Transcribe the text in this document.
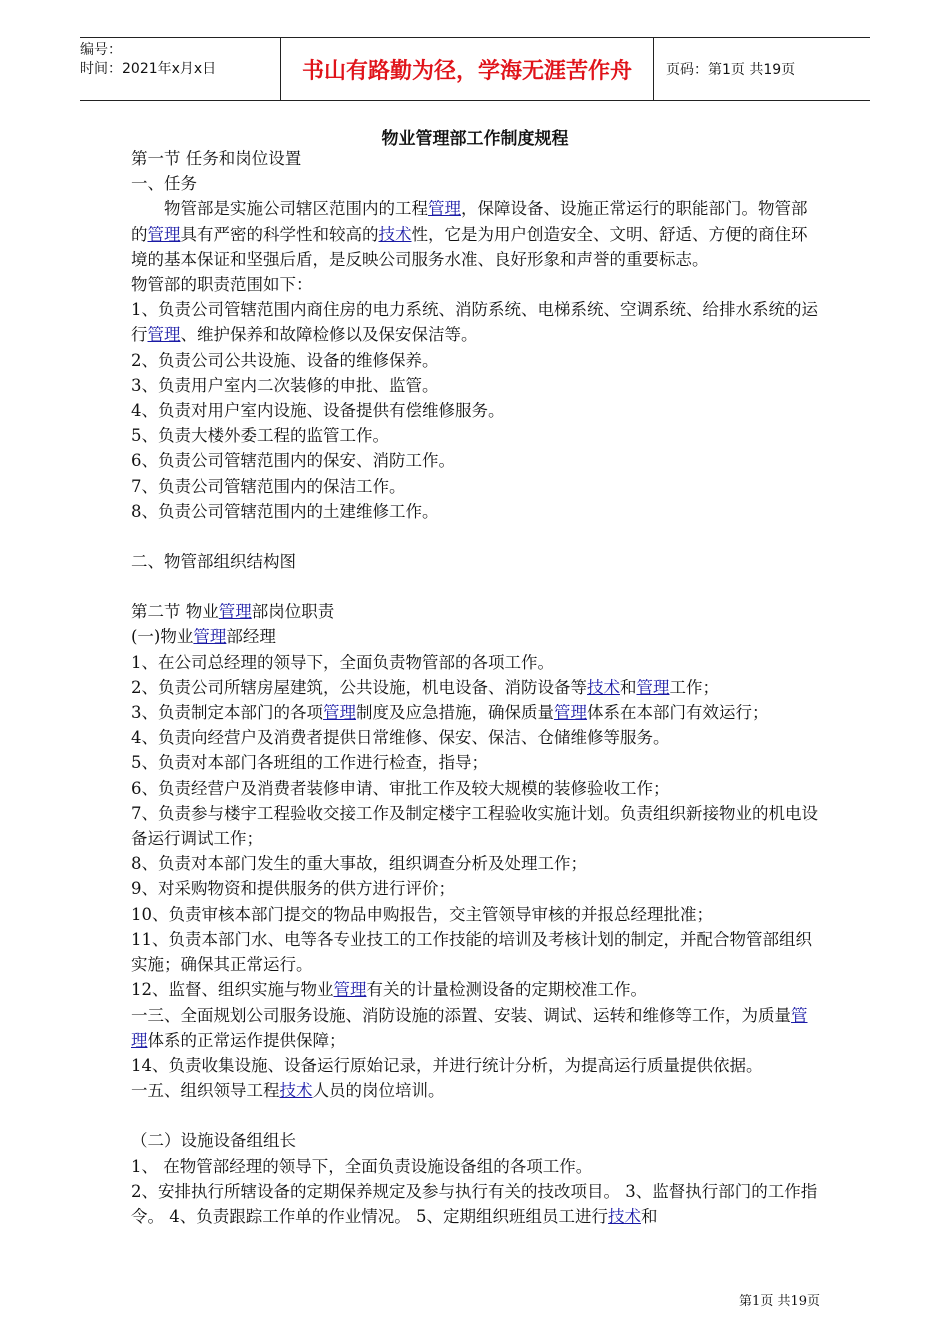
编号：
时间：2021年x月x日	书山有路勤为径，学海无涯苦作舟	页码：第1页 共19页
物业管理部工作制度规程

第一节 任务和岗位设置

一、任务

物管部是实施公司辖区范围内的工程管理，保障设备、设施正常运行的职能部门。物管部的管理具有严密的科学性和较高的技术性，它是为用户创造安全、文明、舒适、方便的商住环境的基本保证和坚强后盾，是反映公司服务水准、良好形象和声誉的重要标志。

物管部的职责范围如下：

1、负责公司管辖范围内商住房的电力系统、消防系统、电梯系统、空调系统、给排水系统的运行管理、维护保养和故障检修以及保安保洁等。

2、负责公司公共设施、设备的维修保养。

3、负责用户室内二次装修的申批、监管。

4、负责对用户室内设施、设备提供有偿维修服务。

5、负责大楼外委工程的监管工作。

6、负责公司管辖范围内的保安、消防工作。

7、负责公司管辖范围内的保洁工作。

8、负责公司管辖范围内的土建维修工作。

二、物管部组织结构图

第二节 物业管理部岗位职责

(一)物业管理部经理

1、在公司总经理的领导下，全面负责物管部的各项工作。

2、负责公司所辖房屋建筑，公共设施，机电设备、消防设备等技术和管理工作；

3、负责制定本部门的各项管理制度及应急措施，确保质量管理体系在本部门有效运行；

4、负责向经营户及消费者提供日常维修、保安、保洁、仓储维修等服务。

5、负责对本部门各班组的工作进行检查，指导；

6、负责经营户及消费者装修申请、审批工作及较大规模的装修验收工作；

7、负责参与楼宇工程验收交接工作及制定楼宇工程验收实施计划。负责组织新接物业的机电设备运行调试工作；

8、负责对本部门发生的重大事故，组织调查分析及处理工作；

9、对采购物资和提供服务的供方进行评价；

10、负责审核本部门提交的物品申购报告，交主管领导审核的并报总经理批准；

11、负责本部门水、电等各专业技工的工作技能的培训及考核计划的制定，并配合物管部组织实施；确保其正常运行。

12、监督、组织实施与物业管理有关的计量检测设备的定期校准工作。

一三、全面规划公司服务设施、消防设施的添置、安装、调试、运转和维修等工作，为质量管理体系的正常运作提供保障；

14、负责收集设施、设备运行原始记录，并进行统计分析，为提高运行质量提供依据。

一五、组织领导工程技术人员的岗位培训。

（二）设施设备组组长

1、 在物管部经理的领导下，全面负责设施设备组的各项工作。

2、安排执行所辖设备的定期保养规定及参与执行有关的技改项目。 3、监督执行部门的工作指令。 4、负责跟踪工作单的作业情况。 5、定期组织班组员工进行技术和

第1页 共19页
